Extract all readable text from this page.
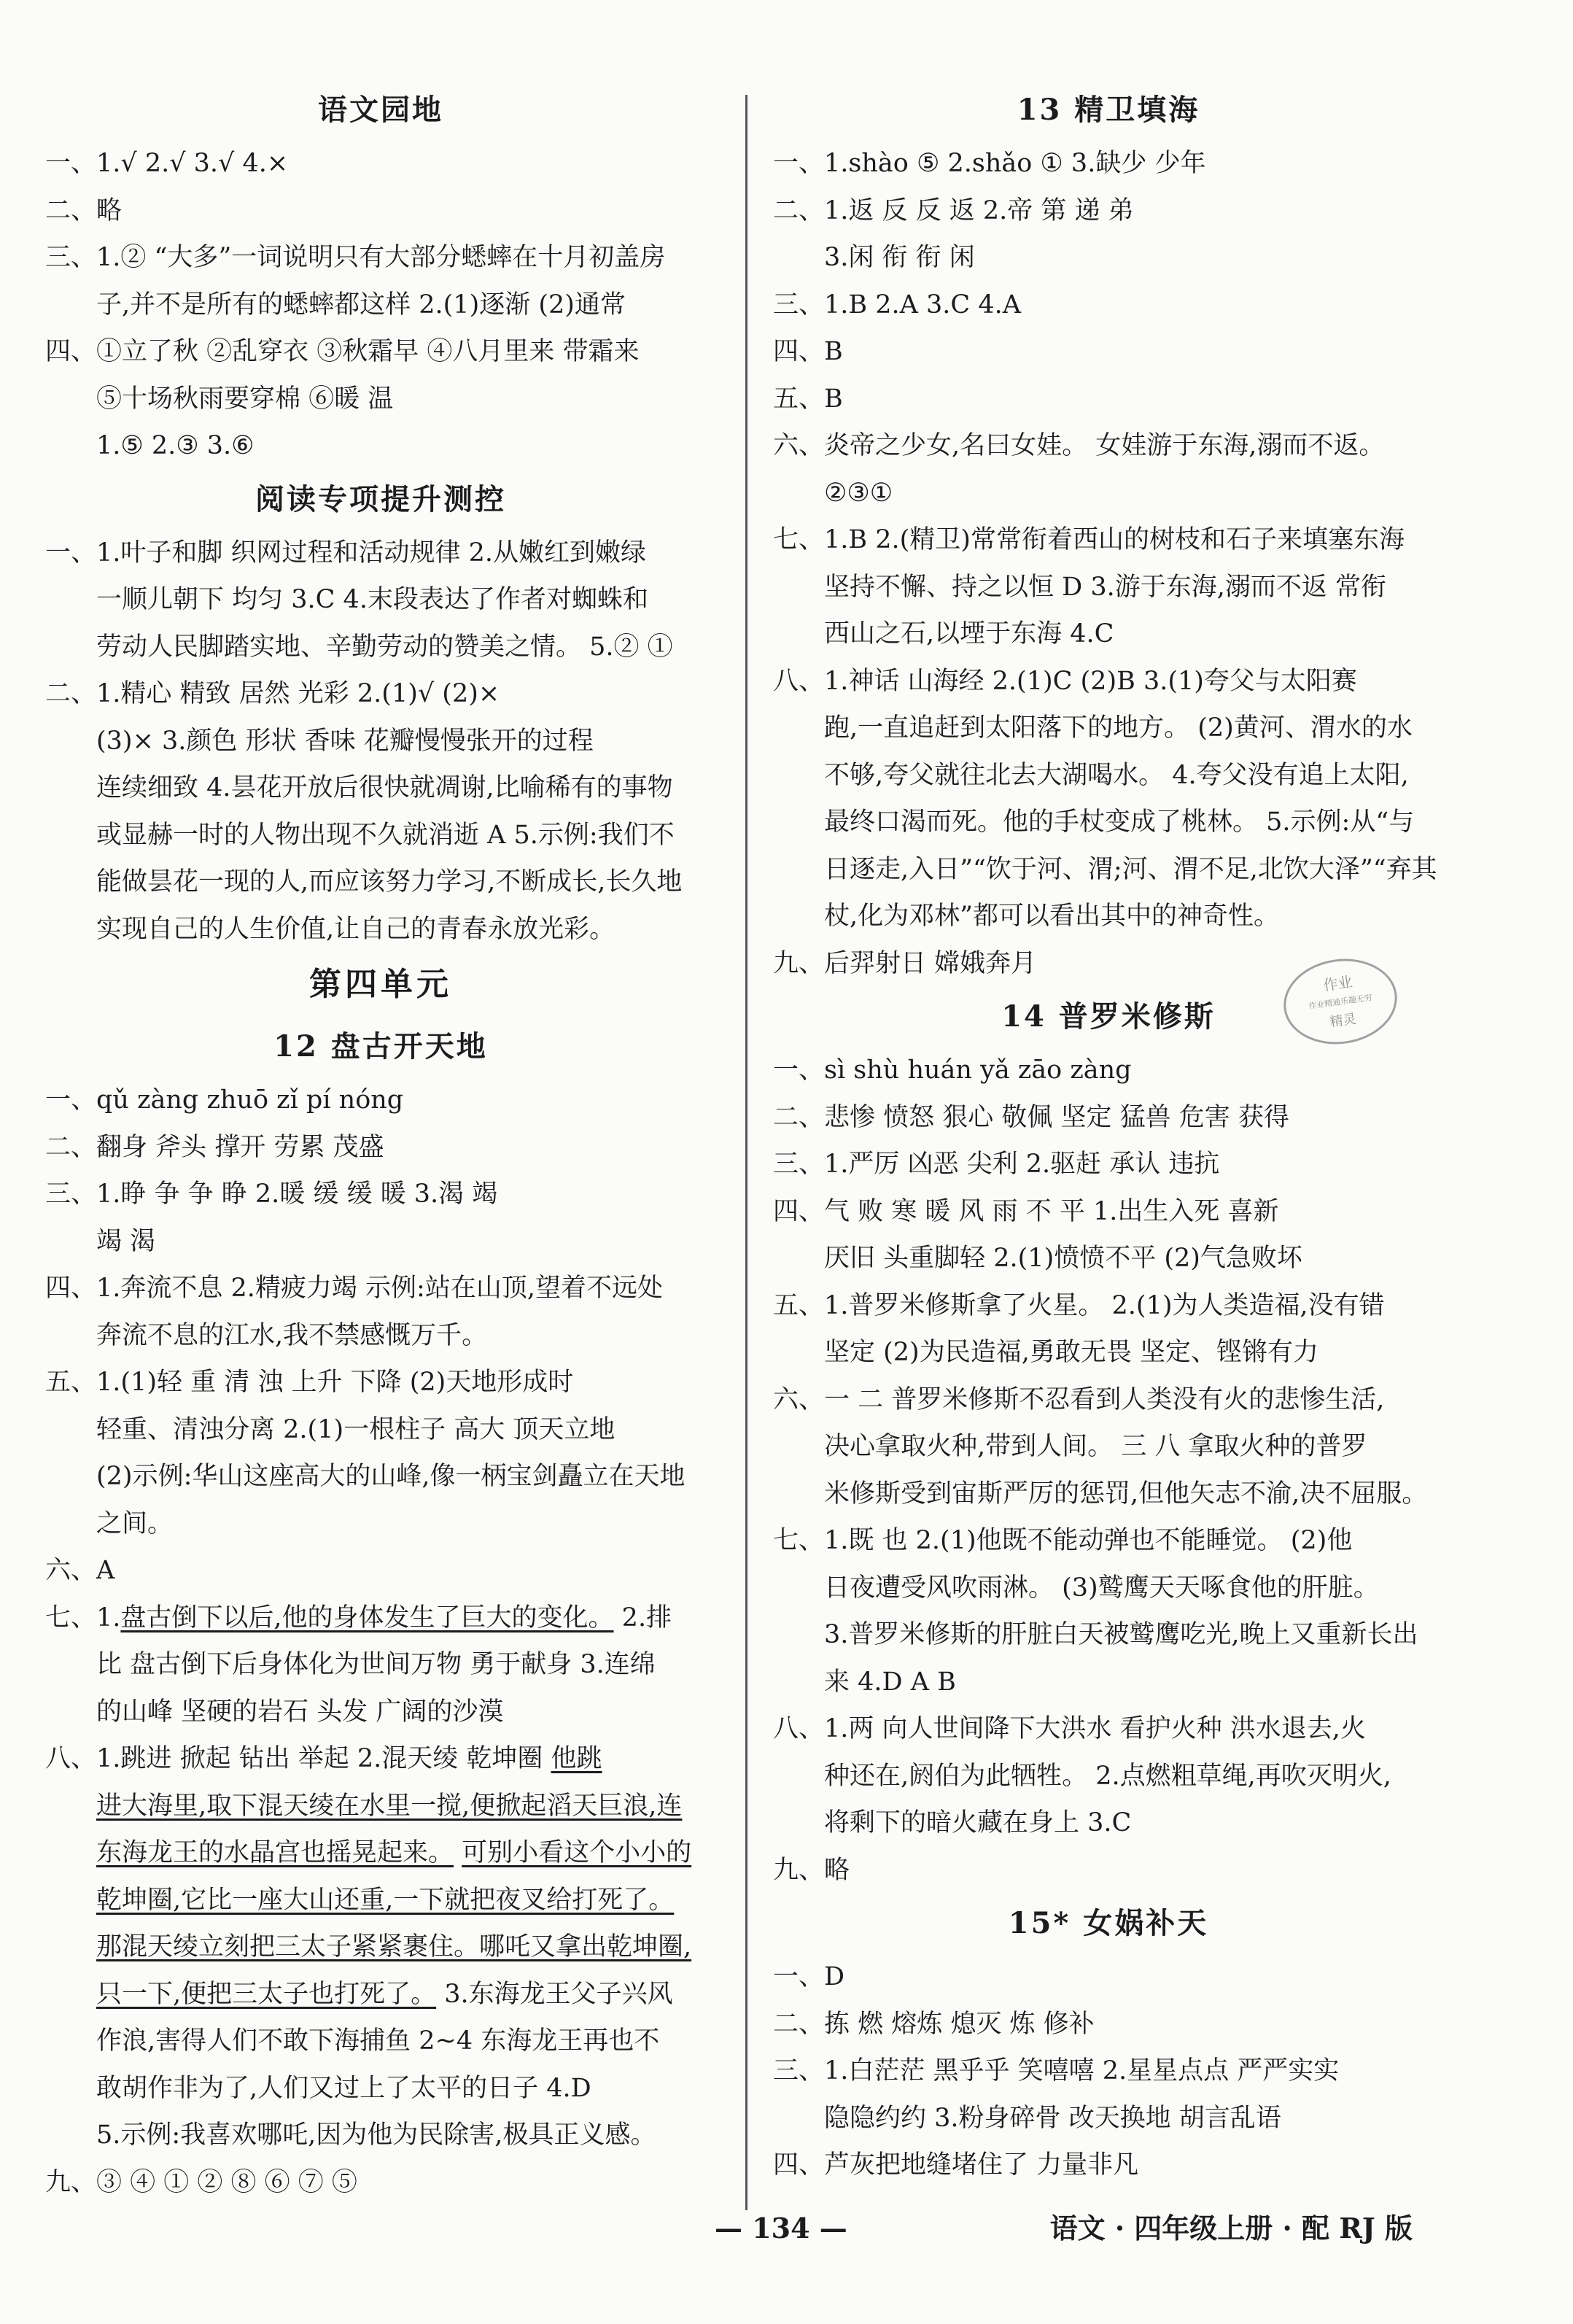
语文园地
一、1.√ 2.√ 3.√ 4.×
二、略
三、1.② “大多”一词说明只有大部分蟋蟀在十月初盖房
子,并不是所有的蟋蟀都这样 2.(1)逐渐 (2)通常
四、①立了秋 ②乱穿衣 ③秋霜早 ④八月里来 带霜来
⑤十场秋雨要穿棉 ⑥暖 温
1.⑤ 2.③ 3.⑥
阅读专项提升测控
一、1.叶子和脚 织网过程和活动规律 2.从嫩红到嫩绿
一顺儿朝下 均匀 3.C 4.末段表达了作者对蜘蛛和
劳动人民脚踏实地、辛勤劳动的赞美之情。 5.② ①
二、1.精心 精致 居然 光彩 2.(1)√ (2)×
(3)× 3.颜色 形状 香味 花瓣慢慢张开的过程
连续细致 4.昙花开放后很快就凋谢,比喻稀有的事物
或显赫一时的人物出现不久就消逝 A 5.示例:我们不
能做昙花一现的人,而应该努力学习,不断成长,长久地
实现自己的人生价值,让自己的青春永放光彩。
第四单元
12 盘古开天地
一、qǔ zàng zhuō zǐ pí nóng
二、翻身 斧头 撑开 劳累 茂盛
三、1.睁 争 争 睁 2.暖 缓 缓 暖 3.渴 竭
竭 渴
四、1.奔流不息 2.精疲力竭 示例:站在山顶,望着不远处
奔流不息的江水,我不禁感慨万千。
五、1.(1)轻 重 清 浊 上升 下降 (2)天地形成时
轻重、清浊分离 2.(1)一根柱子 高大 顶天立地
(2)示例:华山这座高大的山峰,像一柄宝剑矗立在天地
之间。
六、A
七、1.盘古倒下以后,他的身体发生了巨大的变化。 2.排
比 盘古倒下后身体化为世间万物 勇于献身 3.连绵
的山峰 坚硬的岩石 头发 广阔的沙漠
八、1.跳进 掀起 钻出 举起 2.混天绫 乾坤圈 他跳
进大海里,取下混天绫在水里一搅,便掀起滔天巨浪,连
东海龙王的水晶宫也摇晃起来。 可别小看这个小小的
乾坤圈,它比一座大山还重,一下就把夜叉给打死了。
那混天绫立刻把三太子紧紧裹住。哪吒又拿出乾坤圈,
只一下,便把三太子也打死了。 3.东海龙王父子兴风
作浪,害得人们不敢下海捕鱼 2~4 东海龙王再也不
敢胡作非为了,人们又过上了太平的日子 4.D
5.示例:我喜欢哪吒,因为他为民除害,极具正义感。
九、③ ④ ① ② ⑧ ⑥ ⑦ ⑤
13 精卫填海
一、1.shào ⑤ 2.shǎo ① 3.缺少 少年
二、1.返 反 反 返 2.帝 第 递 弟
3.闲 衔 衔 闲
三、1.B 2.A 3.C 4.A
四、B
五、B
六、炎帝之少女,名曰女娃。 女娃游于东海,溺而不返。
②③①
七、1.B 2.(精卫)常常衔着西山的树枝和石子来填塞东海
坚持不懈、持之以恒 D 3.游于东海,溺而不返 常衔
西山之石,以堙于东海 4.C
八、1.神话 山海经 2.(1)C (2)B 3.(1)夸父与太阳赛
跑,一直追赶到太阳落下的地方。 (2)黄河、渭水的水
不够,夸父就往北去大湖喝水。 4.夸父没有追上太阳,
最终口渴而死。他的手杖变成了桃林。 5.示例:从“与
日逐走,入日”“饮于河、渭;河、渭不足,北饮大泽”“弃其
杖,化为邓林”都可以看出其中的神奇性。
九、后羿射日 嫦娥奔月
14 普罗米修斯
一、sì shù huán yǎ zāo zàng
二、悲惨 愤怒 狠心 敬佩 坚定 猛兽 危害 获得
三、1.严厉 凶恶 尖利 2.驱赶 承认 违抗
四、气 败 寒 暖 风 雨 不 平 1.出生入死 喜新
厌旧 头重脚轻 2.(1)愤愤不平 (2)气急败坏
五、1.普罗米修斯拿了火星。 2.(1)为人类造福,没有错
坚定 (2)为民造福,勇敢无畏 坚定、铿锵有力
六、一 二 普罗米修斯不忍看到人类没有火的悲惨生活,
决心拿取火种,带到人间。 三 八 拿取火种的普罗
米修斯受到宙斯严厉的惩罚,但他矢志不渝,决不屈服。
七、1.既 也 2.(1)他既不能动弹也不能睡觉。 (2)他
日夜遭受风吹雨淋。 (3)鹫鹰天天啄食他的肝脏。
3.普罗米修斯的肝脏白天被鹫鹰吃光,晚上又重新长出
来 4.D A B
八、1.两 向人世间降下大洪水 看护火种 洪水退去,火
种还在,阏伯为此牺牲。 2.点燃粗草绳,再吹灭明火,
将剩下的暗火藏在身上 3.C
九、略
15* 女娲补天
一、D
二、拣 燃 熔炼 熄灭 炼 修补
三、1.白茫茫 黑乎乎 笑嘻嘻 2.星星点点 严严实实
隐隐约约 3.粉身碎骨 改天换地 胡言乱语
四、芦灰把地缝堵住了 力量非凡
作业
作业精通乐趣无穷
精灵
— 134 —	语文 · 四年级上册 · 配 RJ 版
